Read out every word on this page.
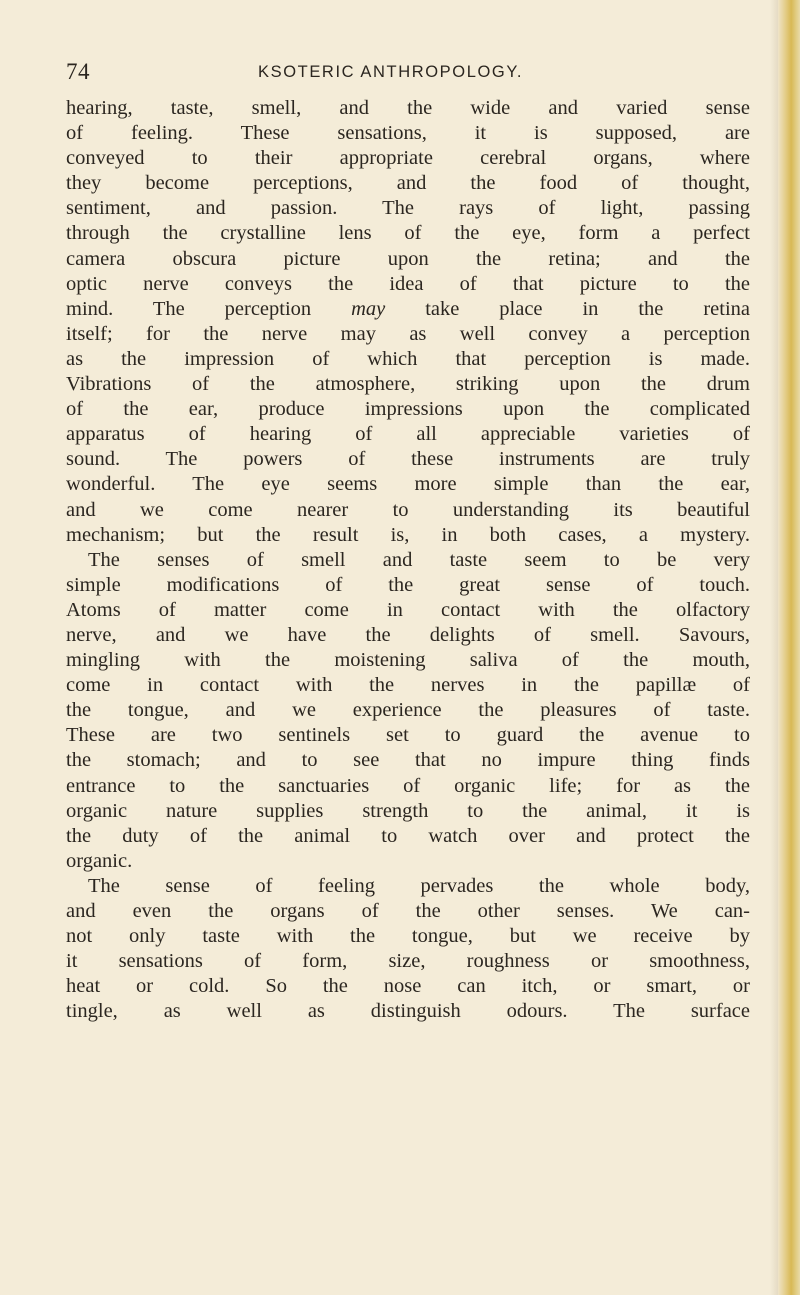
74	KSOTERIC ANTHROPOLOGY.
hearing, taste, smell, and the wide and varied sense
of feeling. These sensations, it is supposed, are
conveyed to their appropriate cerebral organs, where
they become perceptions, and the food of thought,
sentiment, and passion. The rays of light, passing
through the crystalline lens of the eye, form a perfect
camera obscura picture upon the retina; and the
optic nerve conveys the idea of that picture to the
mind. The perception may take place in the retina
itself; for the nerve may as well convey a perception
as the impression of which that perception is made.
Vibrations of the atmosphere, striking upon the drum
of the ear, produce impressions upon the complicated
apparatus of hearing of all appreciable varieties of
sound. The powers of these instruments are truly
wonderful. The eye seems more simple than the ear,
and we come nearer to understanding its beautiful
mechanism; but the result is, in both cases, a mystery.
The senses of smell and taste seem to be very
simple modifications of the great sense of touch.
Atoms of matter come in contact with the olfactory
nerve, and we have the delights of smell. Savours,
mingling with the moistening saliva of the mouth,
come in contact with the nerves in the papillæ of
the tongue, and we experience the pleasures of taste.
These are two sentinels set to guard the avenue to
the stomach; and to see that no impure thing finds
entrance to the sanctuaries of organic life; for as the
organic nature supplies strength to the animal, it is
the duty of the animal to watch over and protect the
organic.
The sense of feeling pervades the whole body,
and even the organs of the other senses. We can-
not only taste with the tongue, but we receive by
it sensations of form, size, roughness or smoothness,
heat or cold. So the nose can itch, or smart, or
tingle, as well as distinguish odours. The surface
